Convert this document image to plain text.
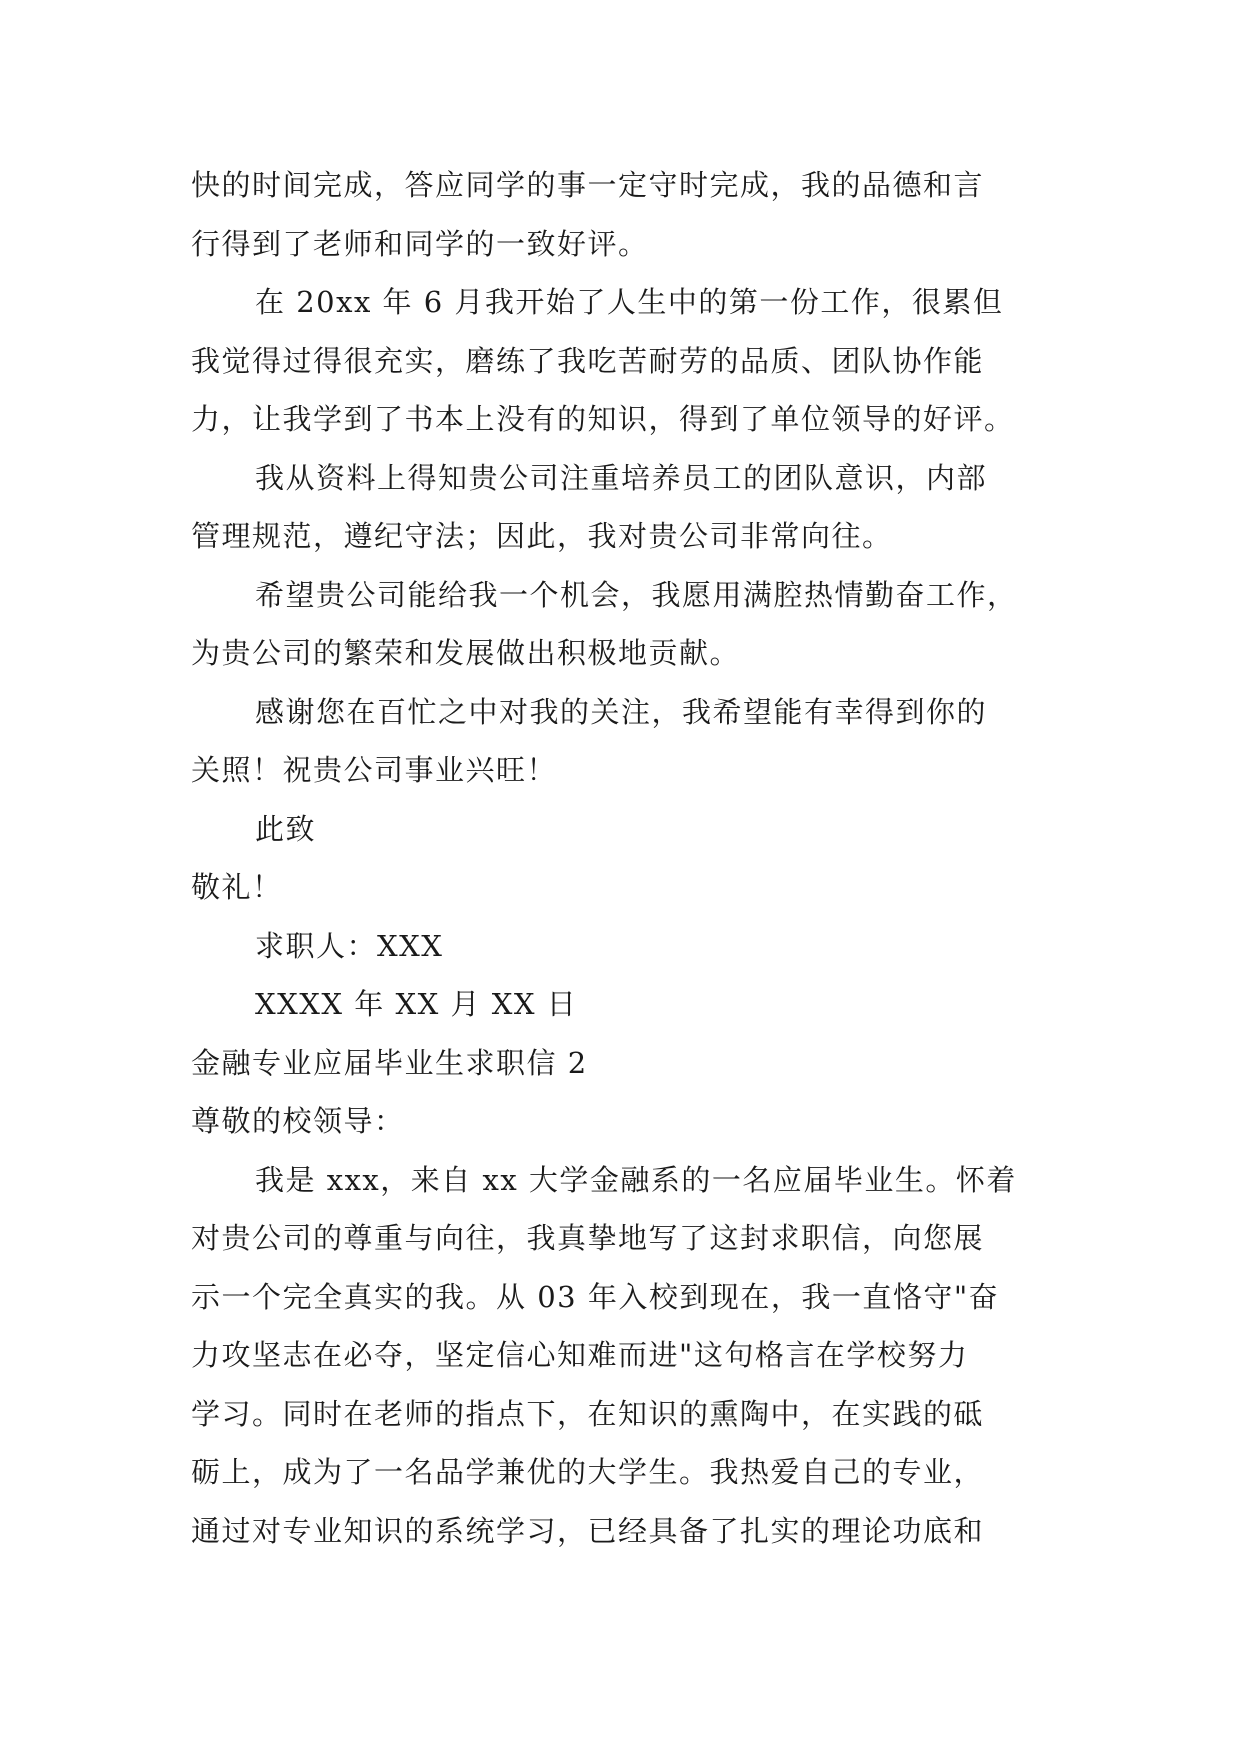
快的时间完成，答应同学的事一定守时完成，我的品德和言
行得到了老师和同学的一致好评。
在 20xx 年 6 月我开始了人生中的第一份工作，很累但
我觉得过得很充实，磨练了我吃苦耐劳的品质、团队协作能
力，让我学到了书本上没有的知识，得到了单位领导的好评。
我从资料上得知贵公司注重培养员工的团队意识，内部
管理规范，遵纪守法；因此，我对贵公司非常向往。
希望贵公司能给我一个机会，我愿用满腔热情勤奋工作，
为贵公司的繁荣和发展做出积极地贡献。
感谢您在百忙之中对我的关注，我希望能有幸得到你的
关照！祝贵公司事业兴旺！
此致
敬礼！
求职人：XXX
XXXX 年 XX 月 XX 日
金融专业应届毕业生求职信 2
尊敬的校领导：
我是 xxx，来自 xx 大学金融系的一名应届毕业生。怀着
对贵公司的尊重与向往，我真挚地写了这封求职信，向您展
示一个完全真实的我。从 03 年入校到现在，我一直恪守"奋
力攻坚志在必夺，坚定信心知难而进"这句格言在学校努力
学习。同时在老师的指点下，在知识的熏陶中，在实践的砥
砺上，成为了一名品学兼优的大学生。我热爱自己的专业，
通过对专业知识的系统学习，已经具备了扎实的理论功底和
